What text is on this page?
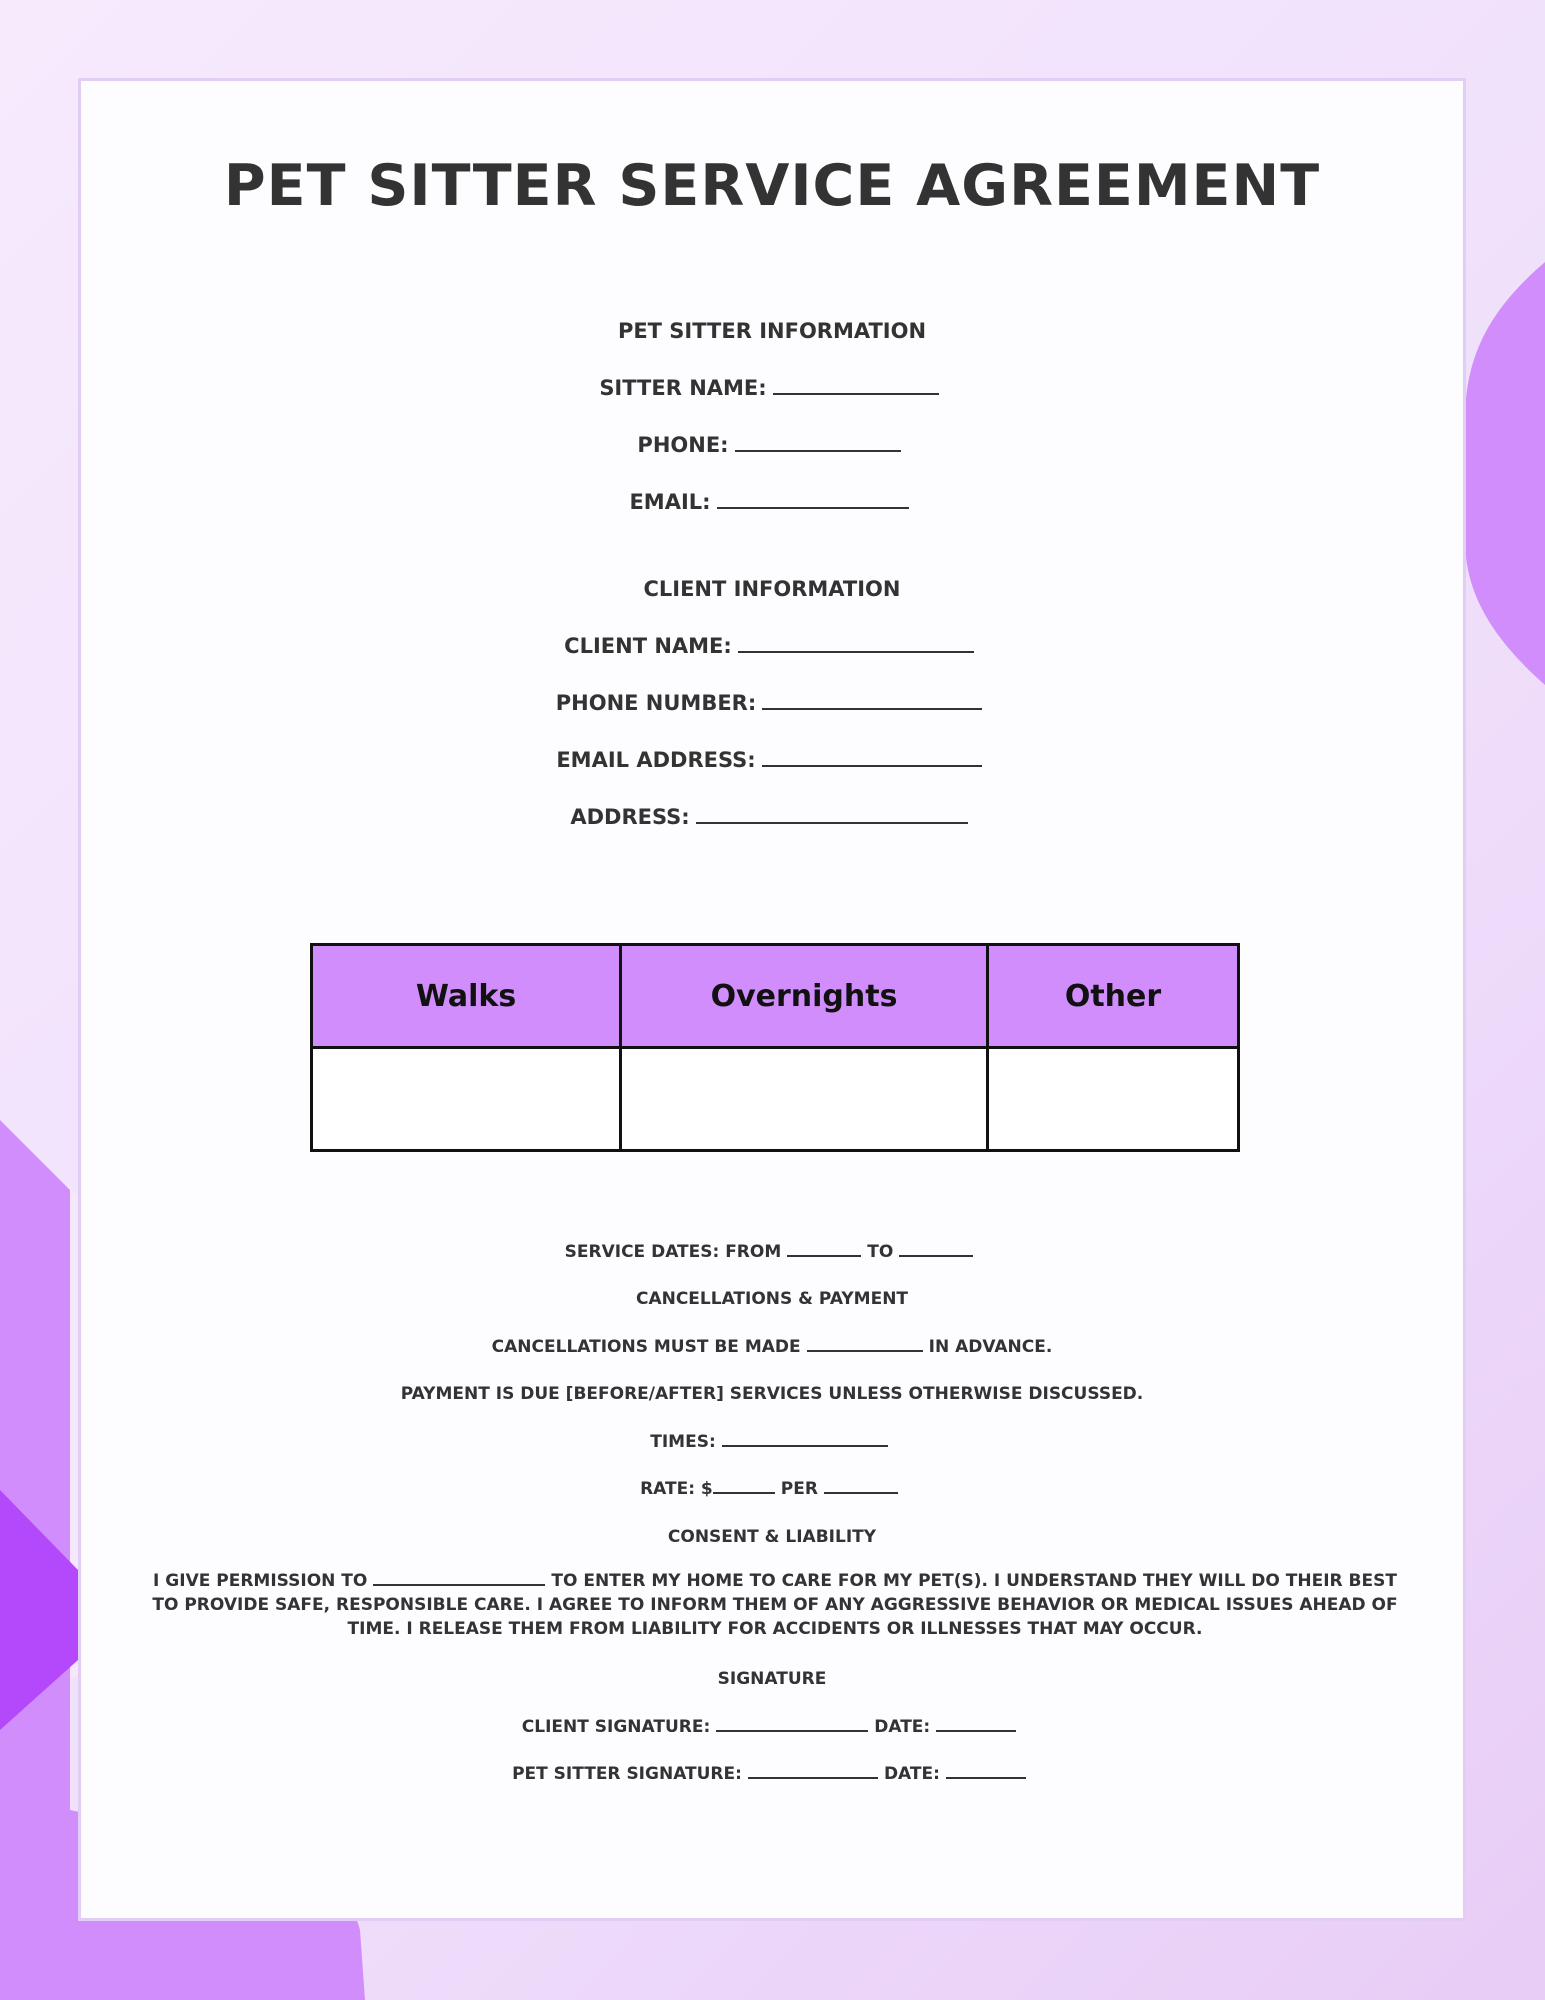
PET SITTER SERVICE AGREEMENT
PET SITTER INFORMATION
SITTER NAME:
PHONE:
EMAIL:
CLIENT INFORMATION
CLIENT NAME:
PHONE NUMBER:
EMAIL ADDRESS:
ADDRESS:
Walks	Overnights	Other

SERVICE DATES: FROM	TO
CANCELLATIONS & PAYMENT
CANCELLATIONS MUST BE MADE	IN ADVANCE.
PAYMENT IS DUE [BEFORE/AFTER] SERVICES UNLESS OTHERWISE DISCUSSED.
TIMES:
RATE: $	PER
CONSENT & LIABILITY

I GIVE PERMISSION TO	TO ENTER MY HOME TO CARE FOR MY PET(S). I UNDERSTAND THEY WILL DO THEIR BEST TO PROVIDE SAFE, RESPONSIBLE CARE. I AGREE TO INFORM THEM OF ANY AGGRESSIVE BEHAVIOR OR MEDICAL ISSUES AHEAD OF TIME. I RELEASE THEM FROM LIABILITY FOR ACCIDENTS OR ILLNESSES THAT MAY OCCUR.

SIGNATURE
CLIENT SIGNATURE:	DATE:
PET SITTER SIGNATURE:	DATE:
